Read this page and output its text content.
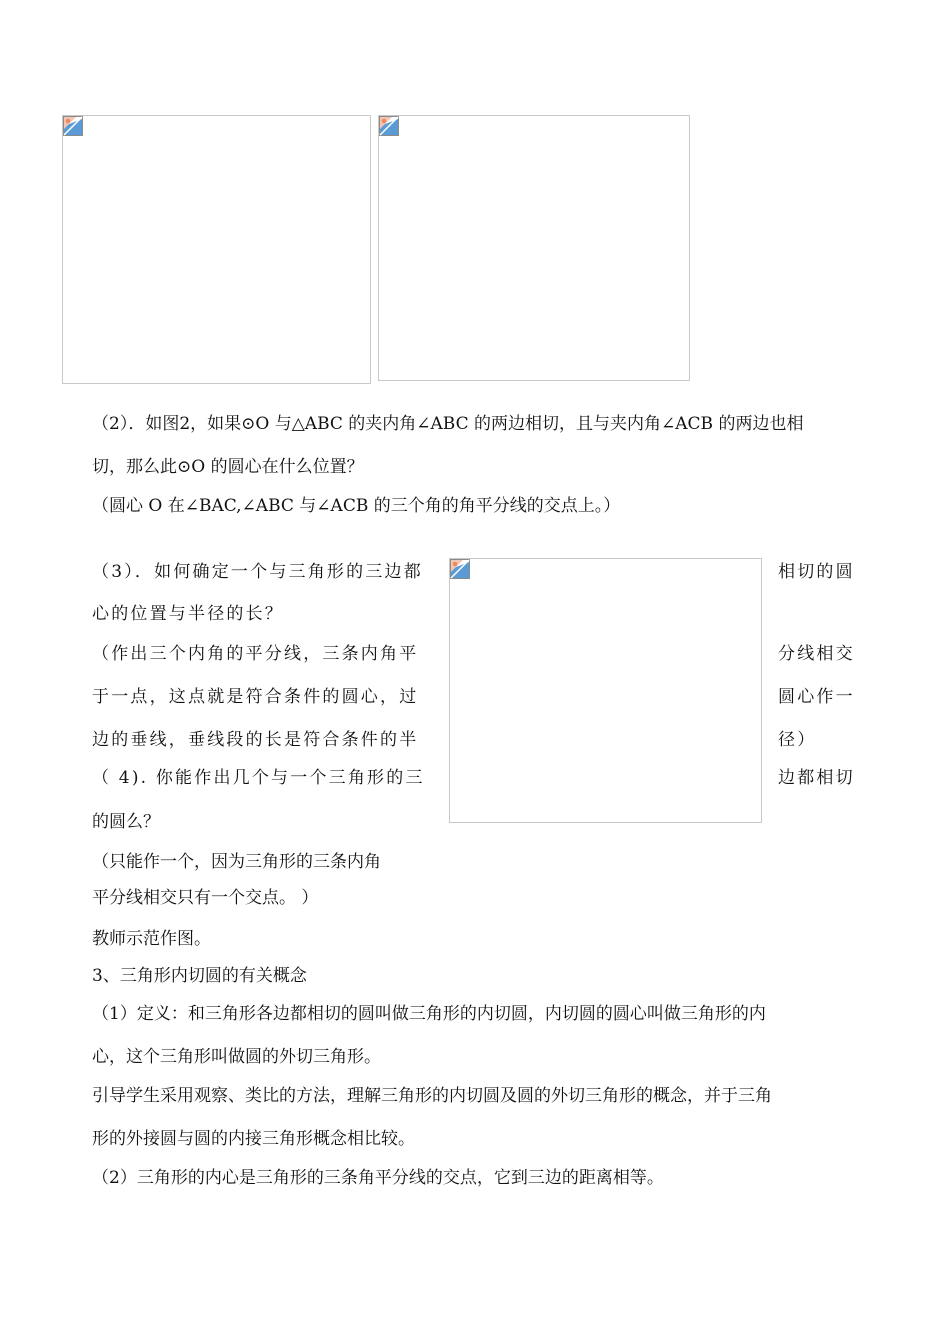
（2）．如图2，如果⊙O 与△ABC 的夹内角∠ABC 的两边相切，且与夹内角∠ACB 的两边也相
切，那么此⊙O 的圆心在什么位置？
（圆心 O 在∠BAC,∠ABC 与∠ACB 的三个角的角平分线的交点上。）
（3）．如何确定一个与三角形的三边都
心的位置与半径的长？
（作出三个内角的平分线，三条内角平
于一点，这点就是符合条件的圆心，过
边的垂线，垂线段的长是符合条件的半
相切的圆
分线相交
圆心作一
径）
（ 4). 你能作出几个与一个三角形的三	边都相切
的圆么？
（只能作一个，因为三角形的三条内角
平分线相交只有一个交点。 ）
教师示范作图。
3、三角形内切圆的有关概念
（1）定义：和三角形各边都相切的圆叫做三角形的内切圆，内切圆的圆心叫做三角形的内
心，这个三角形叫做圆的外切三角形。
引导学生采用观察、类比的方法，理解三角形的内切圆及圆的外切三角形的概念，并于三角
形的外接圆与圆的内接三角形概念相比较。
（2）三角形的内心是三角形的三条角平分线的交点，它到三边的距离相等。
